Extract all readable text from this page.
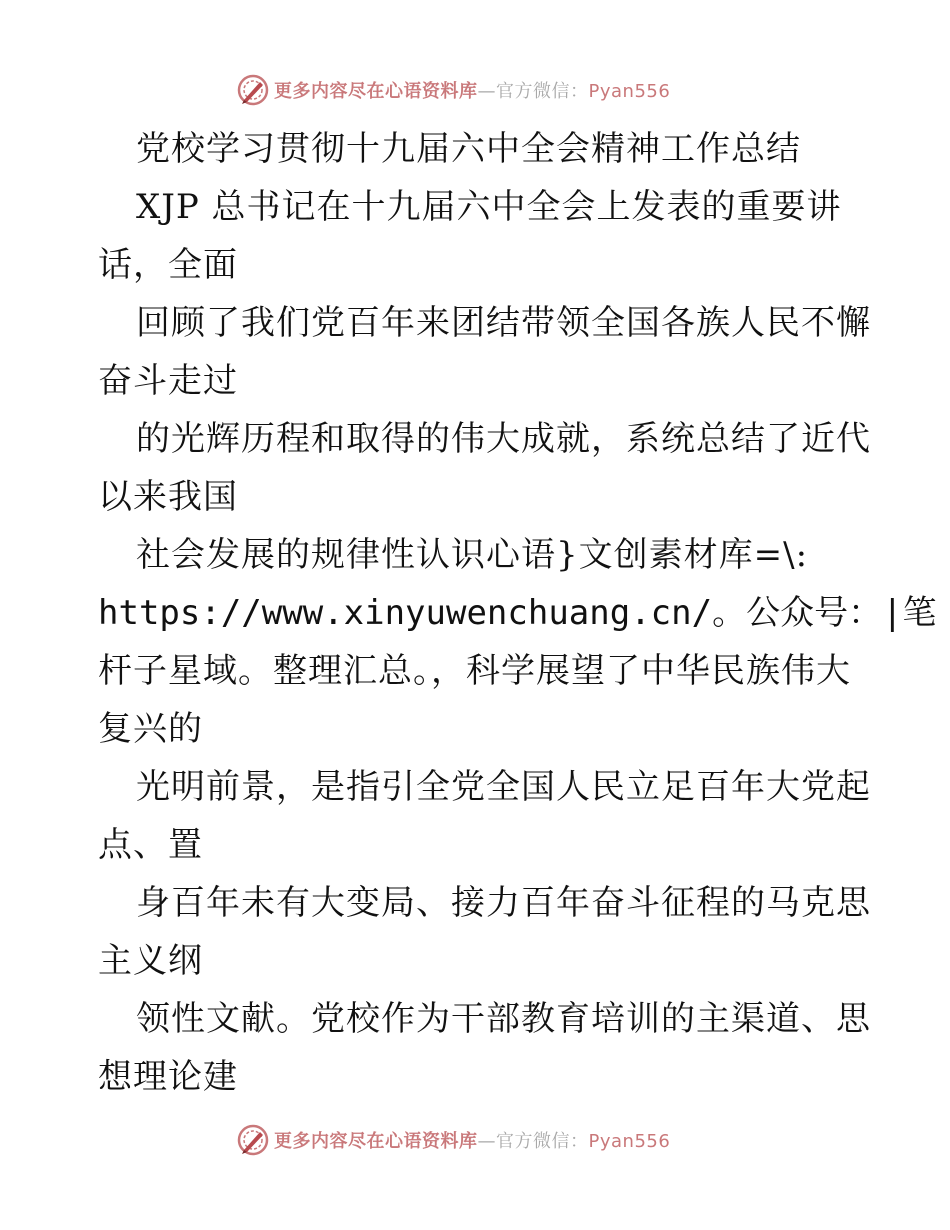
更多内容尽在心语资料库—官方微信：Pyan556
党校学习贯彻十九届六中全会精神工作总结
XJP 总书记在十九届六中全会上发表的重要讲
话，全面
回顾了我们党百年来团结带领全国各族人民不懈
奋斗走过
的光辉历程和取得的伟大成就，系统总结了近代
以来我国
社会发展的规律性认识心语}文创素材库=\:
https://www.xinyuwenchuang.cn/。公众号：|笔
杆子星域。整理汇总。，科学展望了中华民族伟大
复兴的
光明前景，是指引全党全国人民立足百年大党起
点、置
身百年未有大变局、接力百年奋斗征程的马克思
主义纲
领性文献。党校作为干部教育培训的主渠道、思
想理论建
更多内容尽在心语资料库—官方微信：Pyan556
